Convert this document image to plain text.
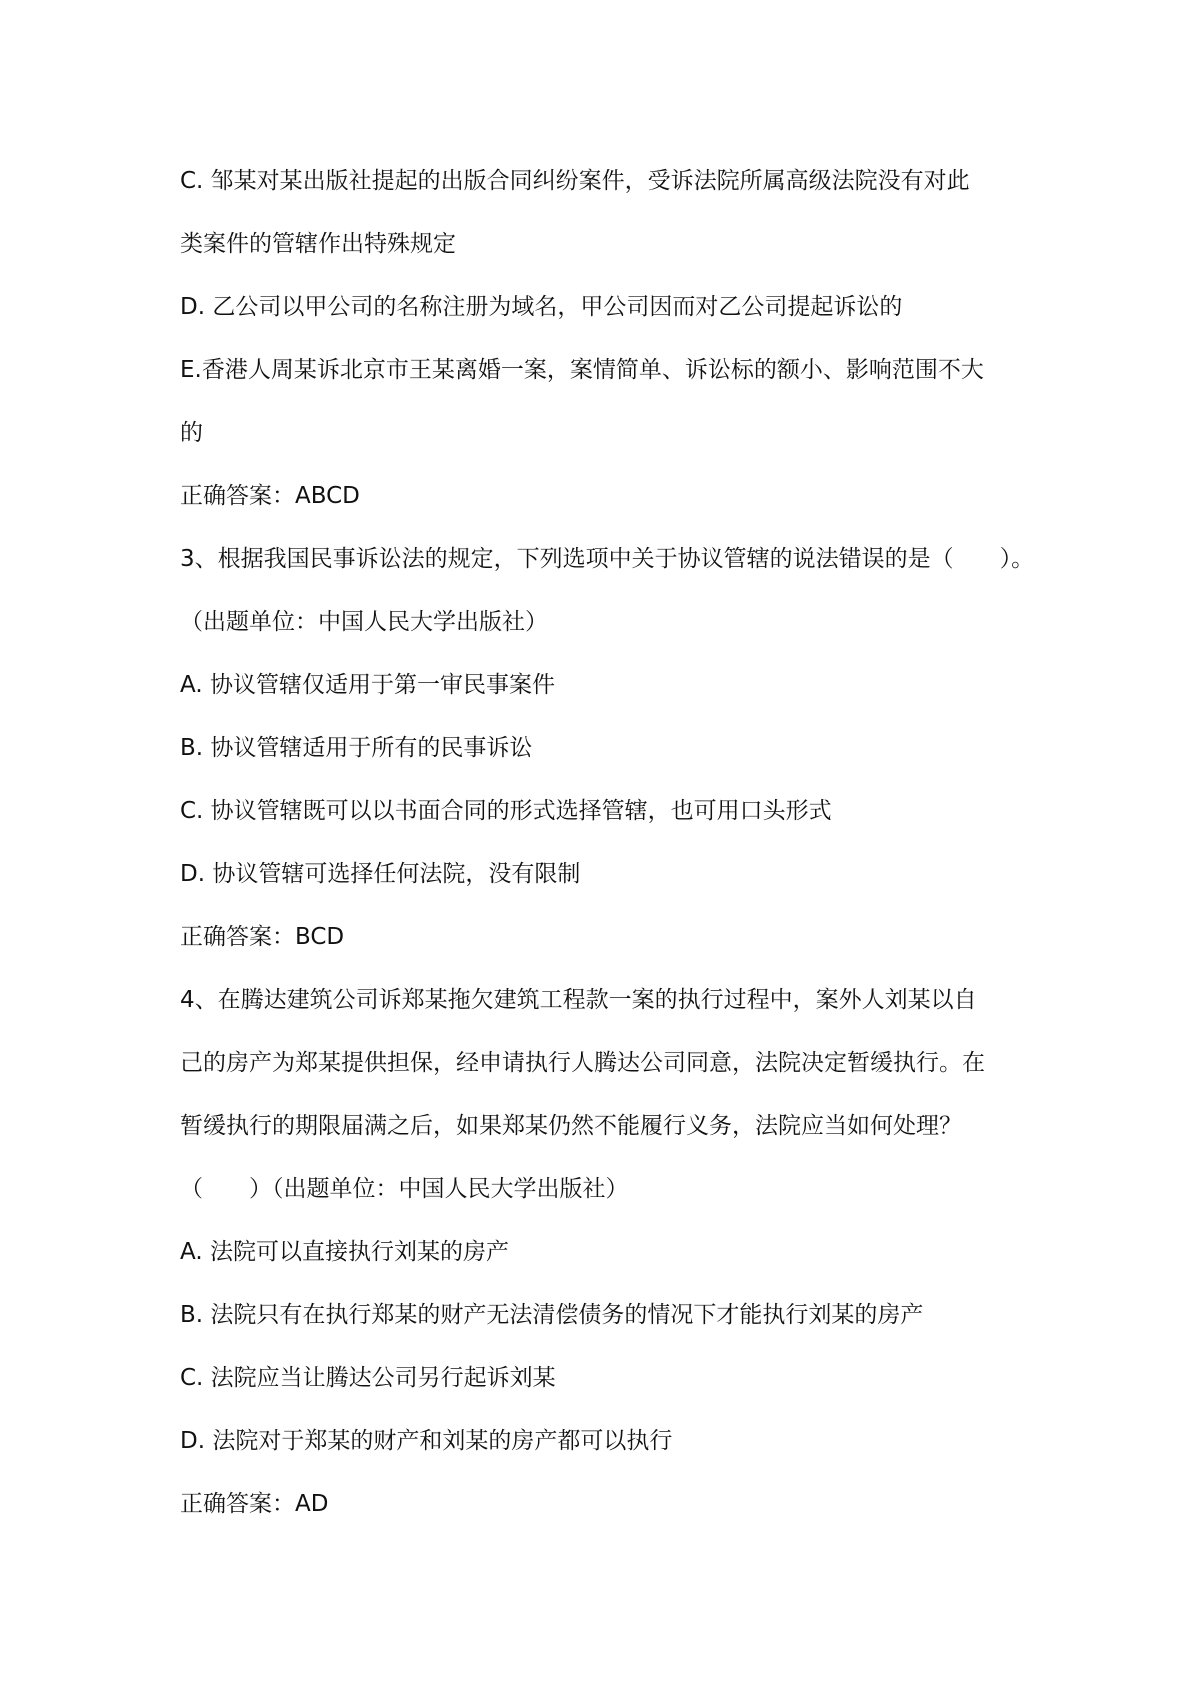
C. 邹某对某出版社提起的出版合同纠纷案件，受诉法院所属高级法院没有对此

类案件的管辖作出特殊规定

D. 乙公司以甲公司的名称注册为域名，甲公司因而对乙公司提起诉讼的

E.香港人周某诉北京市王某离婚一案，案情简单、诉讼标的额小、影响范围不大

的

正确答案：ABCD

3、根据我国民事诉讼法的规定，下列选项中关于协议管辖的说法错误的是（　　）。

（出题单位：中国人民大学出版社）

A. 协议管辖仅适用于第一审民事案件

B. 协议管辖适用于所有的民事诉讼

C. 协议管辖既可以以书面合同的形式选择管辖，也可用口头形式

D. 协议管辖可选择任何法院，没有限制

正确答案：BCD

4、在腾达建筑公司诉郑某拖欠建筑工程款一案的执行过程中，案外人刘某以自

己的房产为郑某提供担保，经申请执行人腾达公司同意，法院决定暂缓执行。在

暂缓执行的期限届满之后，如果郑某仍然不能履行义务，法院应当如何处理？

（　　）（出题单位：中国人民大学出版社）

A. 法院可以直接执行刘某的房产

B. 法院只有在执行郑某的财产无法清偿债务的情况下才能执行刘某的房产

C. 法院应当让腾达公司另行起诉刘某

D. 法院对于郑某的财产和刘某的房产都可以执行

正确答案：AD
